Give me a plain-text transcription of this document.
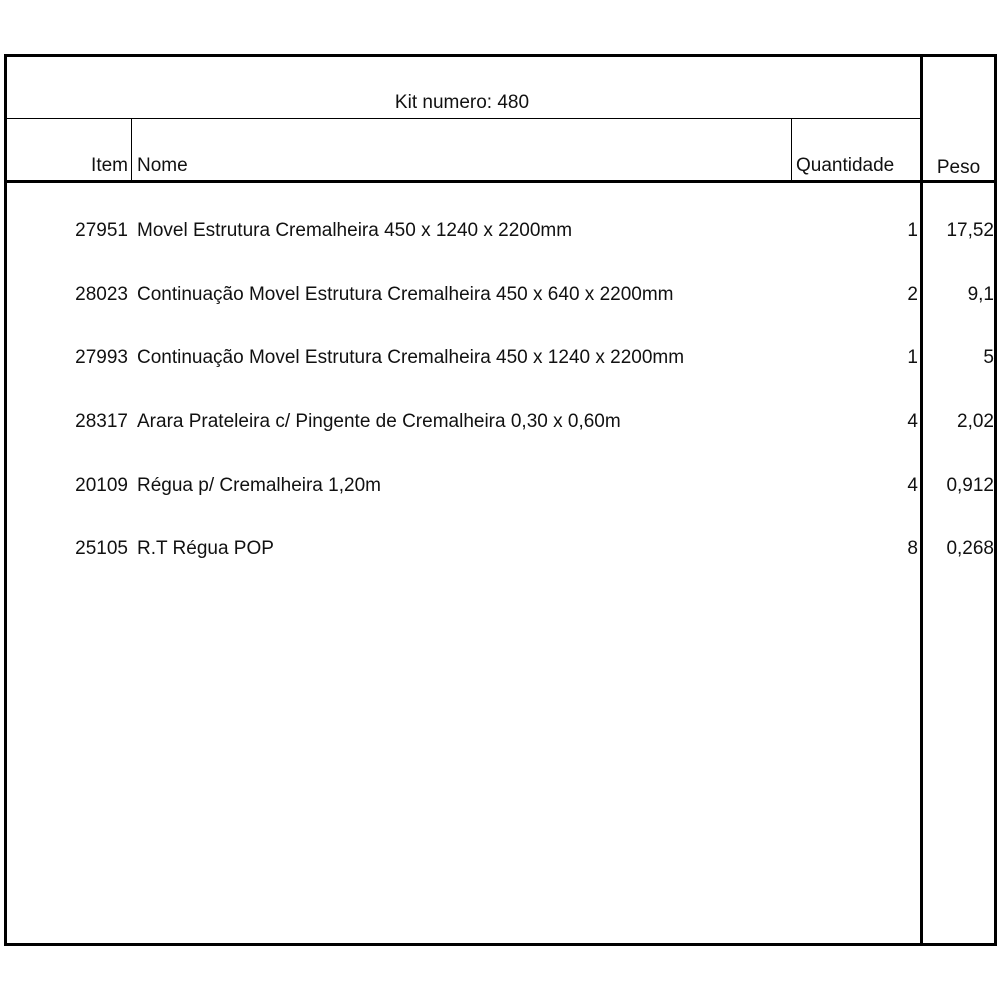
Kit numero: 480
Item Nome	Quantidade	Peso
27951 Movel Estrutura Cremalheira 450 x 1240 x 2200mm	1	17,52
28023 Continuação Movel Estrutura Cremalheira 450 x 640 x 2200mm	2	9,1
27993 Continuação Movel Estrutura Cremalheira 450 x 1240 x 2200mm	1	5
28317 Arara Prateleira c/ Pingente de Cremalheira 0,30 x 0,60m	4	2,02
20109 Régua p/ Cremalheira 1,20m	4	0,912
25105 R.T Régua POP	8	0,268
